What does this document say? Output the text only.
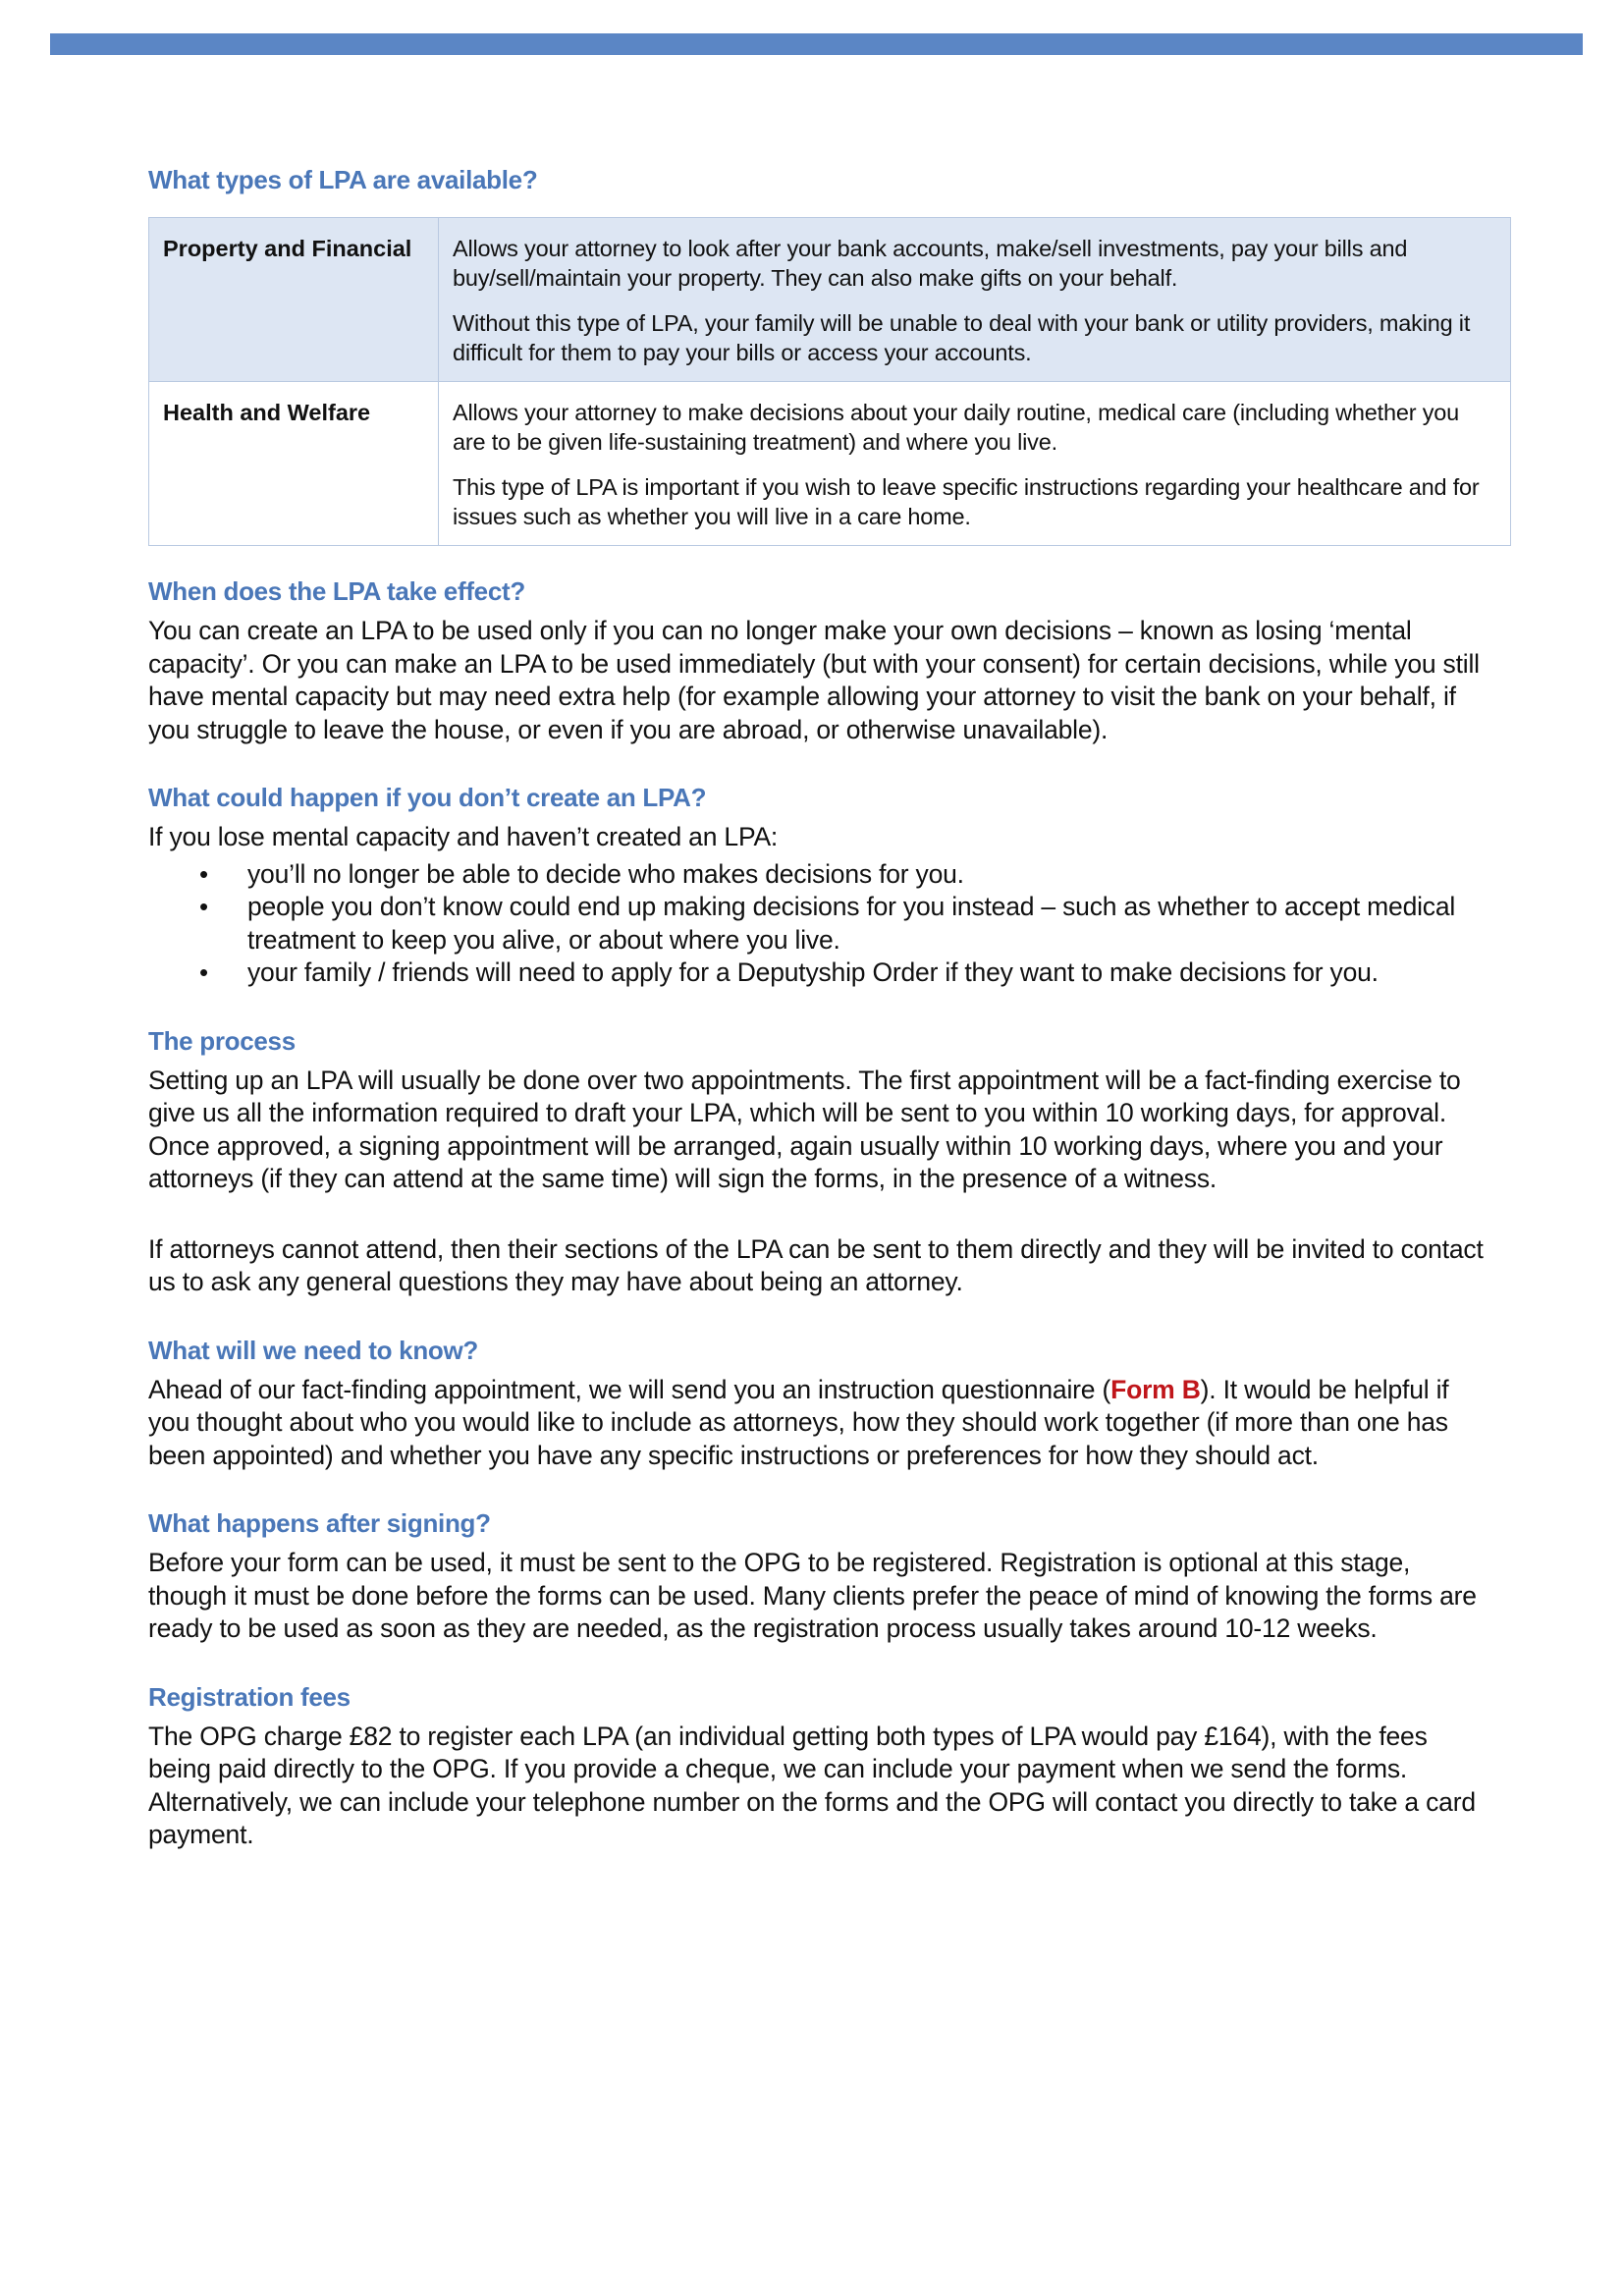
What types of LPA are available?
Property and Financial	Allows your attorney to look after your bank accounts, make/sell investments, pay your bills and buy/sell/maintain your property. They can also make gifts on your behalf.

Without this type of LPA, your family will be unable to deal with your bank or utility providers, making it difficult for them to pay your bills or access your accounts.

Health and Welfare	Allows your attorney to make decisions about your daily routine, medical care (including whether you are to be given life-sustaining treatment) and where you live.

This type of LPA is important if you wish to leave specific instructions regarding your healthcare and for issues such as whether you will live in a care home.

When does the LPA take effect?

You can create an LPA to be used only if you can no longer make your own decisions – known as losing ‘mental capacity’. Or you can make an LPA to be used immediately (but with your consent) for certain decisions, while you still have mental capacity but may need extra help (for example allowing your attorney to visit the bank on your behalf, if you struggle to leave the house, or even if you are abroad, or otherwise unavailable).

What could happen if you don’t create an LPA?

If you lose mental capacity and haven’t created an LPA:

• you’ll no longer be able to decide who makes decisions for you.
• people you don’t know could end up making decisions for you instead – such as whether to accept medical treatment to keep you alive, or about where you live.
• your family / friends will need to apply for a Deputyship Order if they want to make decisions for you.
The process

Setting up an LPA will usually be done over two appointments. The first appointment will be a fact-finding exercise to give us all the information required to draft your LPA, which will be sent to you within 10 working days, for approval. Once approved, a signing appointment will be arranged, again usually within 10 working days, where you and your attorneys (if they can attend at the same time) will sign the forms, in the presence of a witness.

If attorneys cannot attend, then their sections of the LPA can be sent to them directly and they will be invited to contact us to ask any general questions they may have about being an attorney.

What will we need to know?

Ahead of our fact-finding appointment, we will send you an instruction questionnaire (Form B). It would be helpful if you thought about who you would like to include as attorneys, how they should work together (if more than one has been appointed) and whether you have any specific instructions or preferences for how they should act.

What happens after signing?

Before your form can be used, it must be sent to the OPG to be registered. Registration is optional at this stage, though it must be done before the forms can be used. Many clients prefer the peace of mind of knowing the forms are ready to be used as soon as they are needed, as the registration process usually takes around 10-12 weeks.

Registration fees

The OPG charge £82 to register each LPA (an individual getting both types of LPA would pay £164), with the fees being paid directly to the OPG. If you provide a cheque, we can include your payment when we send the forms. Alternatively, we can include your telephone number on the forms and the OPG will contact you directly to take a card payment.
